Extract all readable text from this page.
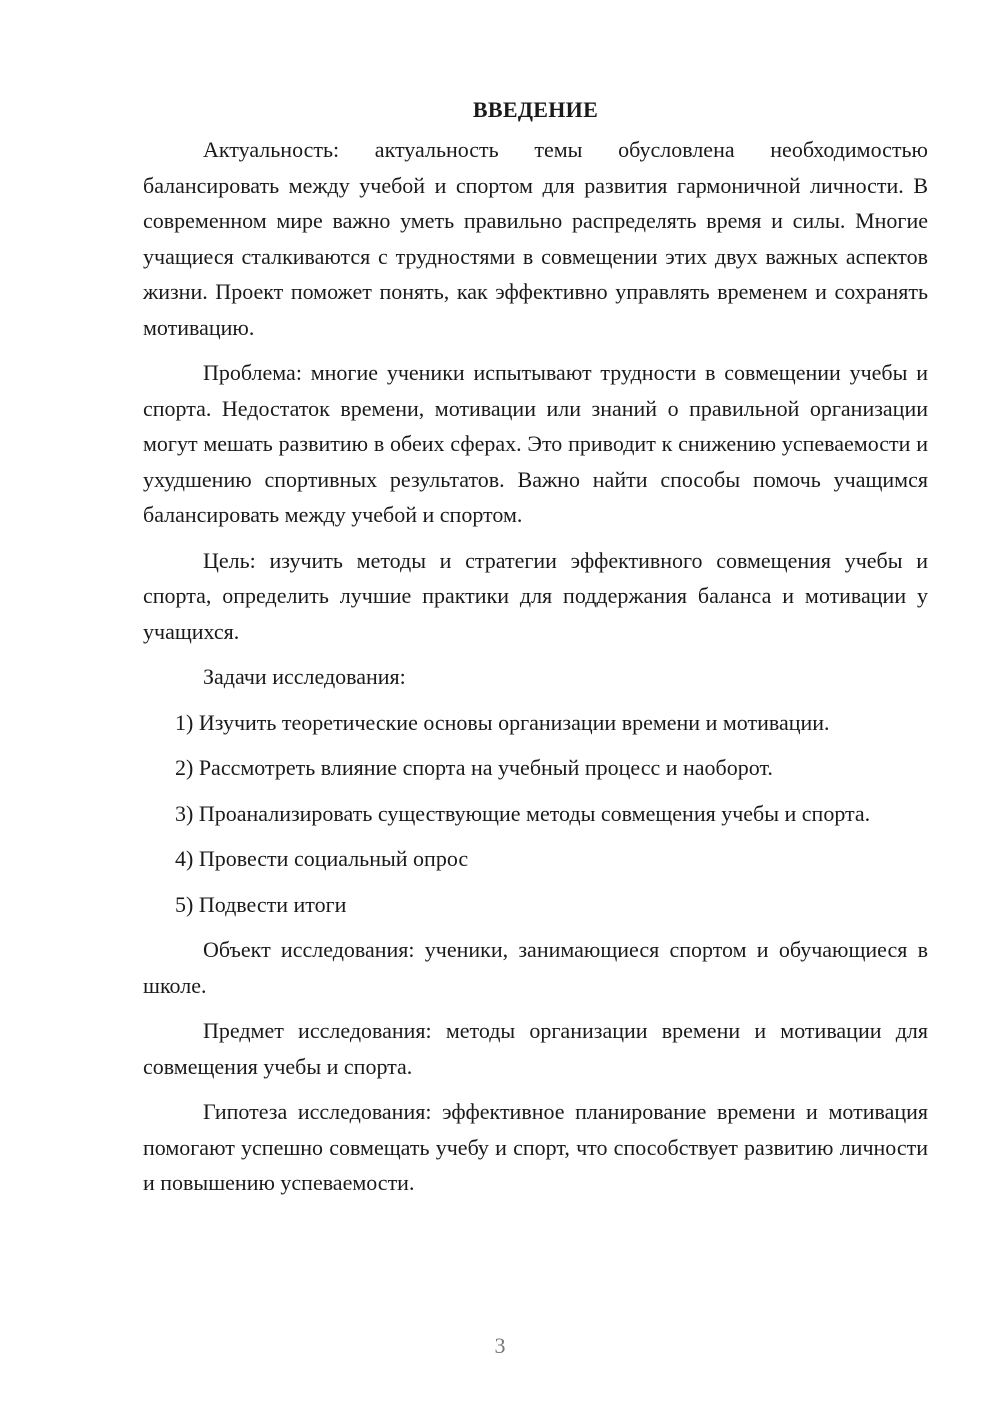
ВВЕДЕНИЕ

Актуальность: актуальность темы обусловлена необходимостью балансировать между учебой и спортом для развития гармоничной личности. В современном мире важно уметь правильно распределять время и силы. Многие учащиеся сталкиваются с трудностями в совмещении этих двух важных аспектов жизни. Проект поможет понять, как эффективно управлять временем и сохранять мотивацию.

Проблема: многие ученики испытывают трудности в совмещении учебы и спорта. Недостаток времени, мотивации или знаний о правильной организации могут мешать развитию в обеих сферах. Это приводит к снижению успеваемости и ухудшению спортивных результатов. Важно найти способы помочь учащимся балансировать между учебой и спортом.

Цель: изучить методы и стратегии эффективного совмещения учебы и спорта, определить лучшие практики для поддержания баланса и мотивации у учащихся.

Задачи исследования:

1) Изучить теоретические основы организации времени и мотивации.

2) Рассмотреть влияние спорта на учебный процесс и наоборот.

3) Проанализировать существующие методы совмещения учебы и спорта.

4) Провести социальный опрос

5) Подвести итоги

Объект исследования: ученики, занимающиеся спортом и обучающиеся в школе.

Предмет исследования: методы организации времени и мотивации для совмещения учебы и спорта.

Гипотеза исследования: эффективное планирование времени и мотивация помогают успешно совмещать учебу и спорт, что способствует развитию личности и повышению успеваемости.

3
